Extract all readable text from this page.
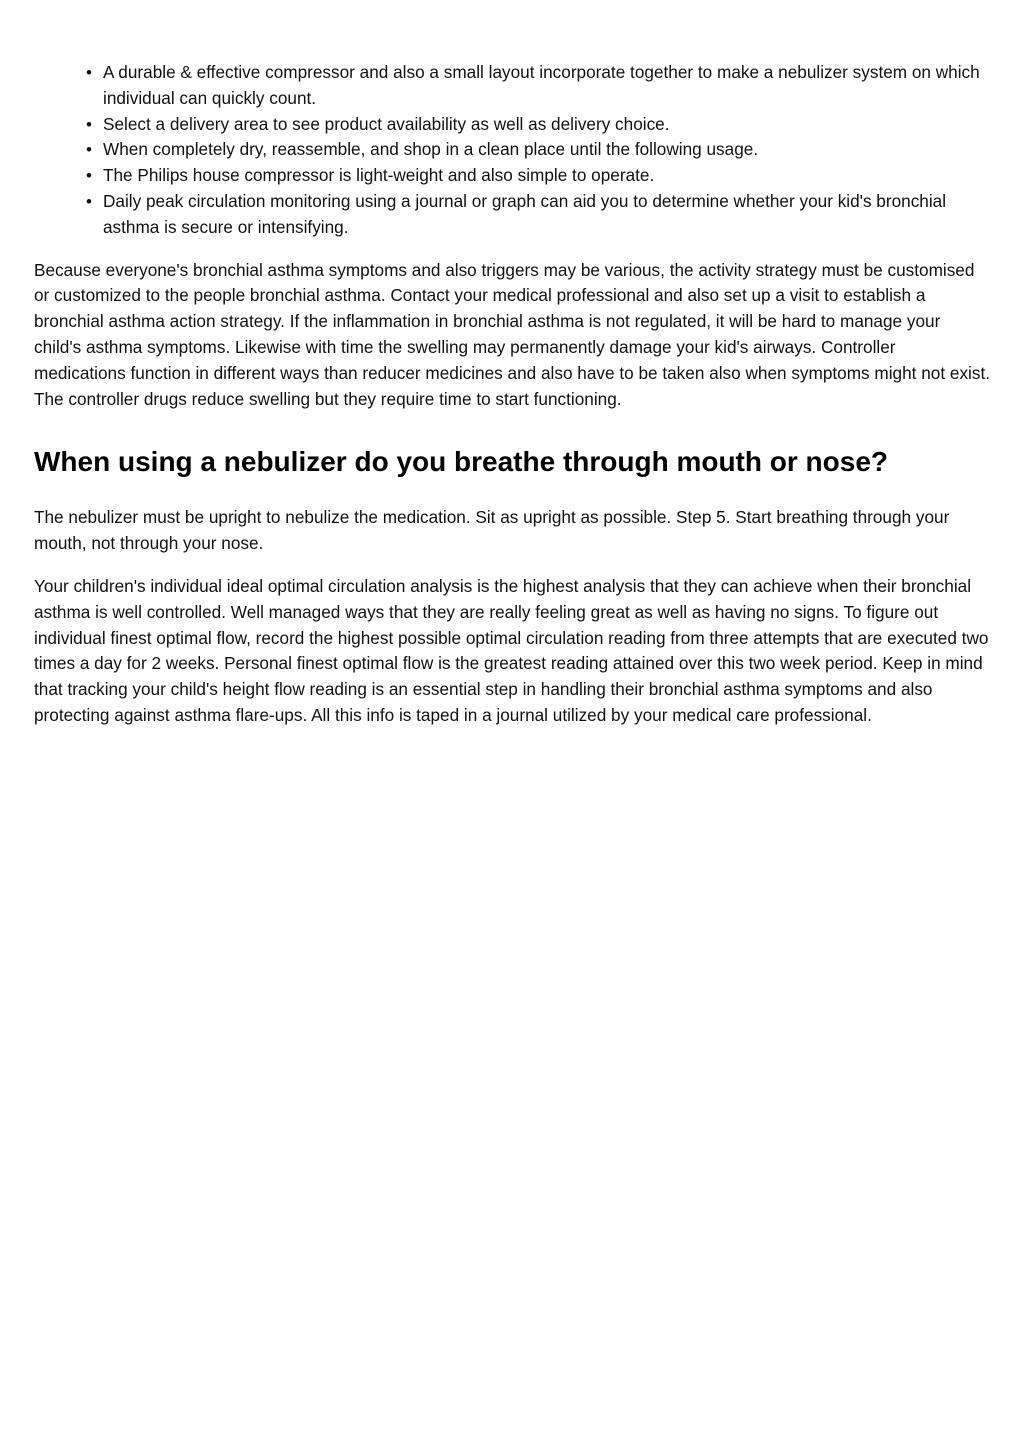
• A durable & effective compressor and also a small layout incorporate together to make a nebulizer system on which individual can quickly count.
• Select a delivery area to see product availability as well as delivery choice.
• When completely dry, reassemble, and shop in a clean place until the following usage.
• The Philips house compressor is light-weight and also simple to operate.
• Daily peak circulation monitoring using a journal or graph can aid you to determine whether your kid's bronchial asthma is secure or intensifying.

Because everyone's bronchial asthma symptoms and also triggers may be various, the activity strategy must be customised or customized to the people bronchial asthma. Contact your medical professional and also set up a visit to establish a bronchial asthma action strategy. If the inflammation in bronchial asthma is not regulated, it will be hard to manage your child's asthma symptoms. Likewise with time the swelling may permanently damage your kid's airways. Controller medications function in different ways than reducer medicines and also have to be taken also when symptoms might not exist. The controller drugs reduce swelling but they require time to start functioning.

When using a nebulizer do you breathe through mouth or nose?

The nebulizer must be upright to nebulize the medication. Sit as upright as possible. Step 5. Start breathing through your mouth, not through your nose.

Your children's individual ideal optimal circulation analysis is the highest analysis that they can achieve when their bronchial asthma is well controlled. Well managed ways that they are really feeling great as well as having no signs. To figure out individual finest optimal flow, record the highest possible optimal circulation reading from three attempts that are executed two times a day for 2 weeks. Personal finest optimal flow is the greatest reading attained over this two week period. Keep in mind that tracking your child's height flow reading is an essential step in handling their bronchial asthma symptoms and also protecting against asthma flare-ups. All this info is taped in a journal utilized by your medical care professional.
